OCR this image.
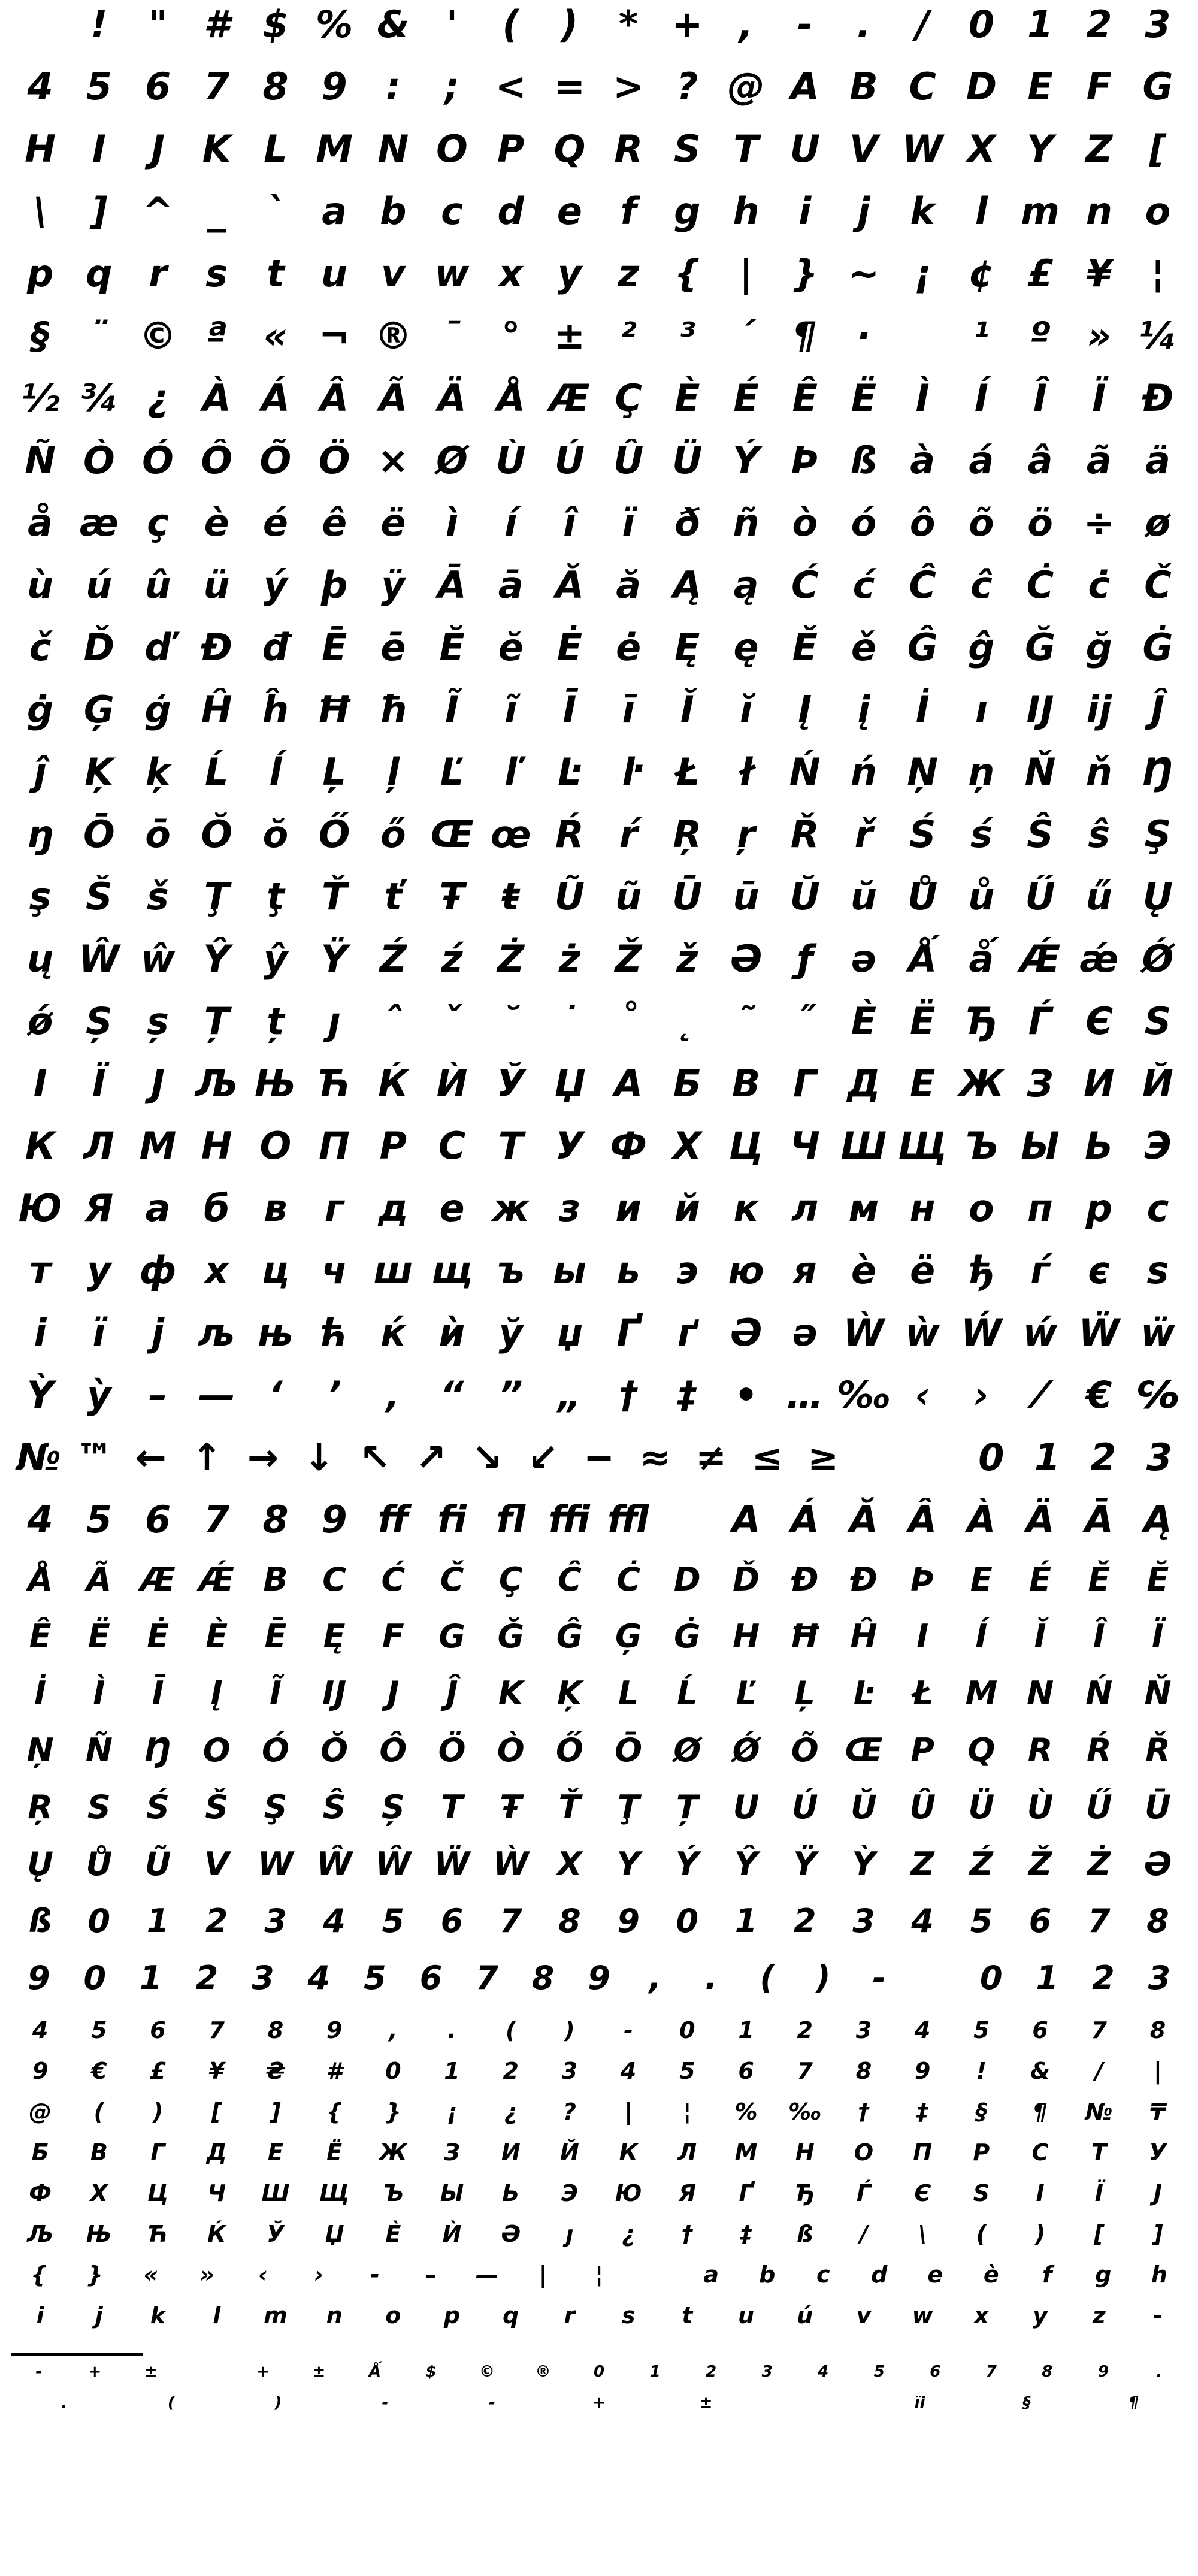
!	" # $ % & '	(	)	* + ,	-	.	/	0 1 2 3
4 5 6 7 8 9	:	; < = > ? @ A B C D E F G
H I	J	K L M N O P Q R S T U V W X Y Z [
\	] ^ _	` a b c d e	f	g h	i	j	k	l m n o
p q r	s	t u v w x y z {	|	} ~ ¡	¢ £ ¥	¦
§	¨ © ª « ¬ ® ¯	° ± ²	³	´	¶	·	¹	º » ¼
½ ¾ ¿ À Á Â Ã Ä Å Æ Ç È É Ê Ë	Ì	Í	Î	Ï Ð
Ñ Ò Ó Ô Õ Ö × Ø Ù Ú Û Ü Ý Þ ß à á â ã ä
å æ ç è é ê ë	ì	í	î	ï	ð ñ ò ó ô õ ö ÷ ø
ù ú û ü ý þ ÿ Ā ā Ă ă Ą ą Ć ć Ĉ ĉ Ċ ċ Č
č Ď ď Đ đ Ē ē Ĕ ĕ Ė ė Ę ę Ě ě Ĝ ĝ Ğ ğ Ġ
ġ Ģ ģ Ĥ ĥ Ħ ħ	Ĩ	ĩ	Ī	ī	Ĭ	ĭ	Į	į	İ	ı	Ĳ ĳ	Ĵ
ĵ	Ķ ķ Ĺ	ĺ	Ļ	ļ	Ľ	ľ	Ŀ	ŀ	Ł	ł Ń ń Ņ ņ Ň ň Ŋ
ŋ Ō ō Ŏ ŏ Ő ő Œ œ Ŕ ŕ Ŗ ŗ Ř ř Ś ś Ŝ ŝ Ş
ş Š š Ţ	ţ	Ť	ť	Ŧ	ŧ Ũ ũ Ū ū Ŭ ŭ Ů ů Ű ű Ų
ų Ŵ ŵ Ŷ ŷ Ÿ Ź ź Ż ż Ž ž Ə ƒ	ə Ǻ ǻ Ǽ ǽ Ǿ
ǿ Ș ș Ț	ț	ȷ	ˆ	ˇ	˘	˙	˚	˛	˜	˝ Ѐ Ё Ђ Ѓ Є Ѕ
І	Ї	Ј Љ Њ Ћ Ќ Ѝ Ў Џ А Б В Г Д Е Ж З И Й
К Л М Н О П Р С Т У Ф Х Ц Ч Ш Щ Ъ Ы Ь Э
Ю Я а б в	г д е ж з и й к л м н о п р с
т у ф х ц ч ш щ ъ ы ь э ю я ѐ ё ђ ѓ	є ѕ
і	ї	ј љ њ ћ ќ ѝ ў џ Ґ	ґ Ә ә Ẁ ẁ Ẃ ẃ Ẅ ẅ
Ỳ ỳ	– — ‘	’	‚	“ ” „	†	‡	• … ‰ ‹	›	⁄	€ ℅
№ ™ ← ↑ → ↓ ↖ ↗ ↘ ↙ − ≈ ≠ ≤ ≥	0 1 2 3
4 5 6 7 8 9 ff fi fl ffi ffl	A Á Ă Â À Ä Ā Ą
Å	Ã Æ Ǽ B	C	Ć	Č	Ç	Ĉ	Ċ	D Ď Đ Ð	Þ	E	É	Ě	Ĕ
Ê	Ë	Ė	È	Ē	Ę	F	G Ğ Ĝ Ģ Ġ H Ħ Ĥ	I	Í	Ĭ	Î	Ï
İ	Ì	Ī	Į	Ĩ	Ĳ	J	Ĵ	K	Ķ	L	Ĺ	Ľ	Ļ	Ŀ	Ł M N Ń Ň
Ņ Ñ Ŋ O Ó Ŏ Ô Ö Ò Ő Ō Ø Ǿ Õ Œ P	Q	R	Ŕ	Ř
Ŗ	S	Ś	Š	Ş	Ŝ	Ș	T	Ŧ	Ť	Ţ	Ț	U	Ú	Ŭ	Û	Ü	Ù	Ű	Ū
Ų	Ů	Ũ	V W Ŵ Ŵ Ẅ Ẁ X	Y	Ý	Ŷ	Ÿ	Ỳ	Z	Ź	Ž	Ż	Ə
ß	0	1	2	3	4	5	6	7	8	9	0	1	2	3	4	5	6	7	8
9	0	1	2	3	4	5	6	7	8	9	,	.	(	)	-	0	1	2	3
4	5	6	7	8	9	,	.	(	)	-	0	1	2	3	4	5	6	7	8
9	€	£	¥	₴	#	0	1	2	3	4	5	6	7	8	9	!	&	/	|
@	(	)	[	]	{	}	¡	¿	?	|	¦	%	‰	†	‡	§	¶	№	₸
Б	В	Г	Д	Е	Ё	Ж	З	И	Й	К	Л	М	Н	О	П	Р	С	Т	У
Ф	Х	Ц	Ч	Ш	Щ	Ъ	Ы	Ь	Э	Ю	Я	Ґ	Ђ	Ѓ	Є	Ѕ	І	Ї	Ј
Љ	Њ	Ћ	Ќ	Ў	Џ	Ѐ	Ѝ	Ә	ȷ	¿	†	‡	ß	/	\	(	)	[	]
{	}	«	»	‹	›	-	–	—	|	¦	a	b	c	d	e	è	f	g	h
i	j	k	l	m	n	o	p	q	r	s	t	u	ú	v	w	x	y	z	-
-	+	±	+	±	Ǻ	$	©	®	0	1	2	3	4	5	6	7	8	9	.
.	(	)	-	-	+	±	ïi	§	¶
